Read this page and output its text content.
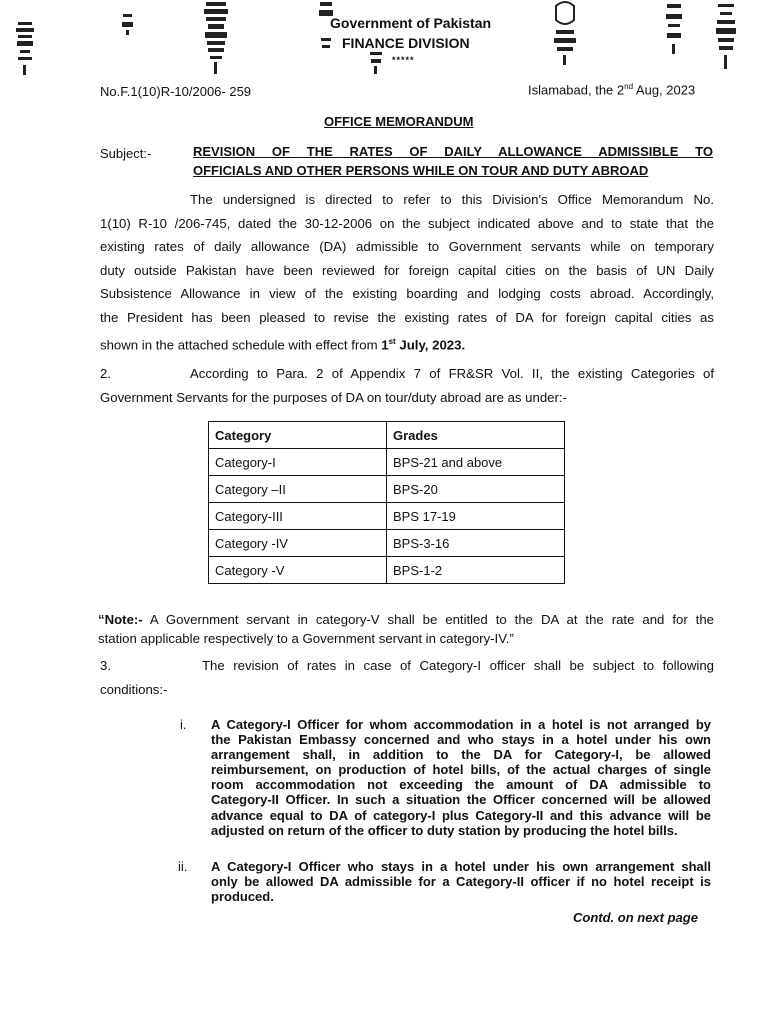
Government of Pakistan
FINANCE DIVISION
*****
No.F.1(10)R-10/2006- 259	Islamabad, the 2nd Aug, 2023
OFFICE MEMORANDUM
Subject:-	REVISION OF THE RATES OF DAILY ALLOWANCE ADMISSIBLE TO
OFFICIALS AND OTHER PERSONS WHILE ON TOUR AND DUTY ABROAD
The undersigned is directed to refer to this Division's Office Memorandum No.
1(10) R-10 /206-745, dated the 30-12-2006 on the subject indicated above and to state that the
existing rates of daily allowance (DA) admissible to Government servants while on temporary
duty outside Pakistan have been reviewed for foreign capital cities on the basis of UN Daily
Subsistence Allowance in view of the existing boarding and lodging costs abroad. Accordingly,
the President has been pleased to revise the existing rates of DA for foreign capital cities as
shown in the attached schedule with effect from 1st July, 2023.
2.	According to Para. 2 of Appendix 7 of FR&SR Vol. II, the existing Categories of
Government Servants for the purposes of DA on tour/duty abroad are as under:-
Category	Grades
Category-I	BPS-21 and above
Category –II	BPS-20
Category-III	BPS 17-19
Category -IV	BPS-3-16
Category -V	BPS-1-2
“Note:- A Government servant in category-V shall be entitled to the DA at the rate and for the
station applicable respectively to a Government servant in category-IV.”
3.	The revision of rates in case of Category-I officer shall be subject to following
conditions:-
i. A Category-I Officer for whom accommodation in a hotel is not arranged by
the Pakistan Embassy concerned and who stays in a hotel under his own
arrangement shall, in addition to the DA for Category-I, be allowed
reimbursement, on production of hotel bills, of the actual charges of single
room accommodation not exceeding the amount of DA admissible to
Category-II Officer. In such a situation the Officer concerned will be allowed
advance equal to DA of category-I plus Category-II and this advance will be
adjusted on return of the officer to duty station by producing the hotel bills.
ii. A Category-I Officer who stays in a hotel under his own arrangement shall
only be allowed DA admissible for a Category-II officer if no hotel receipt is
produced.
Contd. on next page
